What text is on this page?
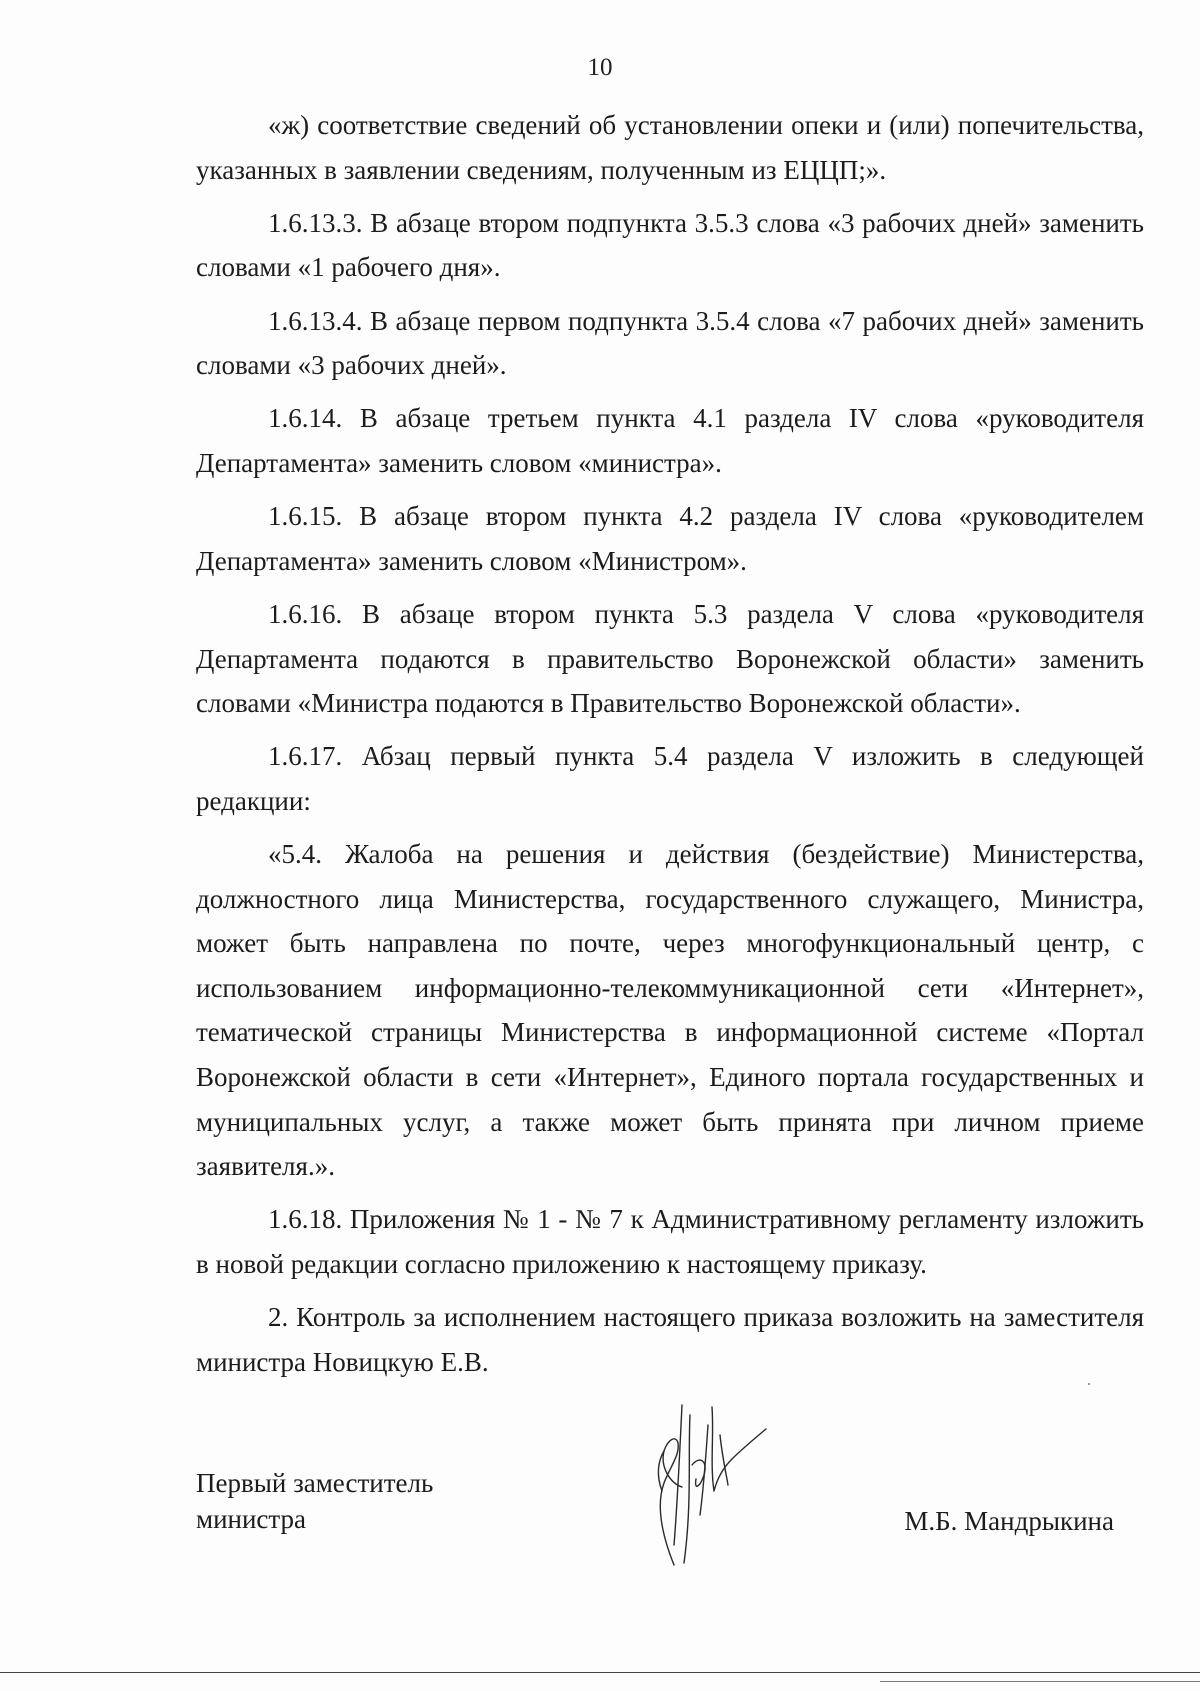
10

«ж) соответствие сведений об установлении опеки и (или) попечительства, указанных в заявлении сведениям, полученным из ЕЦЦП;».

1.6.13.3. В абзаце втором подпункта 3.5.3 слова «3 рабочих дней» заменить словами «1 рабочего дня».

1.6.13.4. В абзаце первом подпункта 3.5.4 слова «7 рабочих дней» заменить словами «3 рабочих дней».

1.6.14. В абзаце третьем пункта 4.1 раздела IV слова «руководителя Департамента» заменить словом «министра».

1.6.15. В абзаце втором пункта 4.2 раздела IV слова «руководителем Департамента» заменить словом «Министром».

1.6.16. В абзаце втором пункта 5.3 раздела V слова «руководителя Департамента подаются в правительство Воронежской области» заменить словами «Министра подаются в Правительство Воронежской области».

1.6.17. Абзац первый пункта 5.4 раздела V изложить в следующей редакции:

«5.4. Жалоба на решения и действия (бездействие) Министерства, должностного лица Министерства, государственного служащего, Министра, может быть направлена по почте, через многофункциональный центр, с использованием информационно-телекоммуникационной сети «Интернет», тематической страницы Министерства в информационной системе «Портал Воронежской области в сети «Интернет», Единого портала государственных и муниципальных услуг, а также может быть принята при личном приеме заявителя.».

1.6.18. Приложения № 1 - № 7 к Административному регламенту изложить в новой редакции согласно приложению к настоящему приказу.

2. Контроль за исполнением настоящего приказа возложить на заместителя министра Новицкую Е.В.

Первый заместитель
министра	М.Б. Мандрыкина
